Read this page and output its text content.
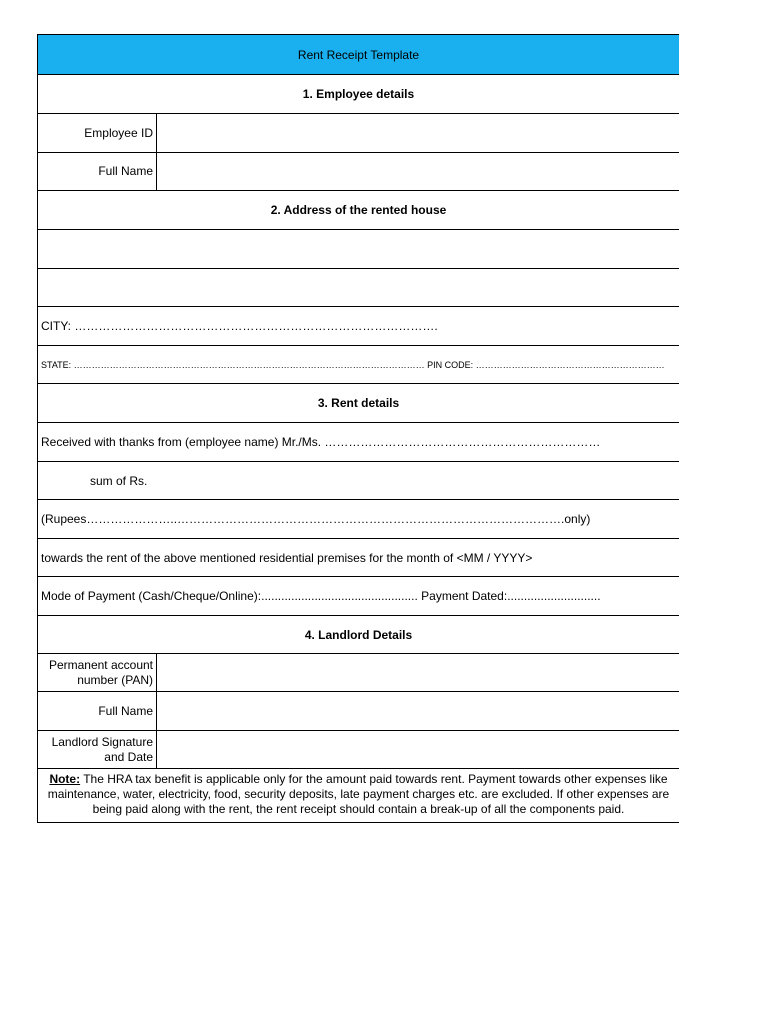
Rent Receipt Template
1. Employee details
Employee ID
Full Name
2. Address of the rented house
CITY: ……………………………………………………………………………….
STATE: ……………………………………………………………………………………………………… PIN CODE: ………………………………………………………
3. Rent details
Received with thanks from (employee name) Mr./Ms. ……………………………………………………………
sum of Rs.
(Rupees…………………..…………………………………………………………………………………….only)
towards the rent of the above mentioned residential premises for the month of <MM / YYYY>
Mode of Payment (Cash/Cheque/Online):............................................... Payment Dated:............................
4. Landlord Details
Permanent account number (PAN)
Full Name
Landlord Signature and Date
Note: The HRA tax benefit is applicable only for the amount paid towards rent. Payment towards other expenses like maintenance, water, electricity, food, security deposits, late payment charges etc. are excluded. If other expenses are being paid along with the rent, the rent receipt should contain a break-up of all the components paid.
